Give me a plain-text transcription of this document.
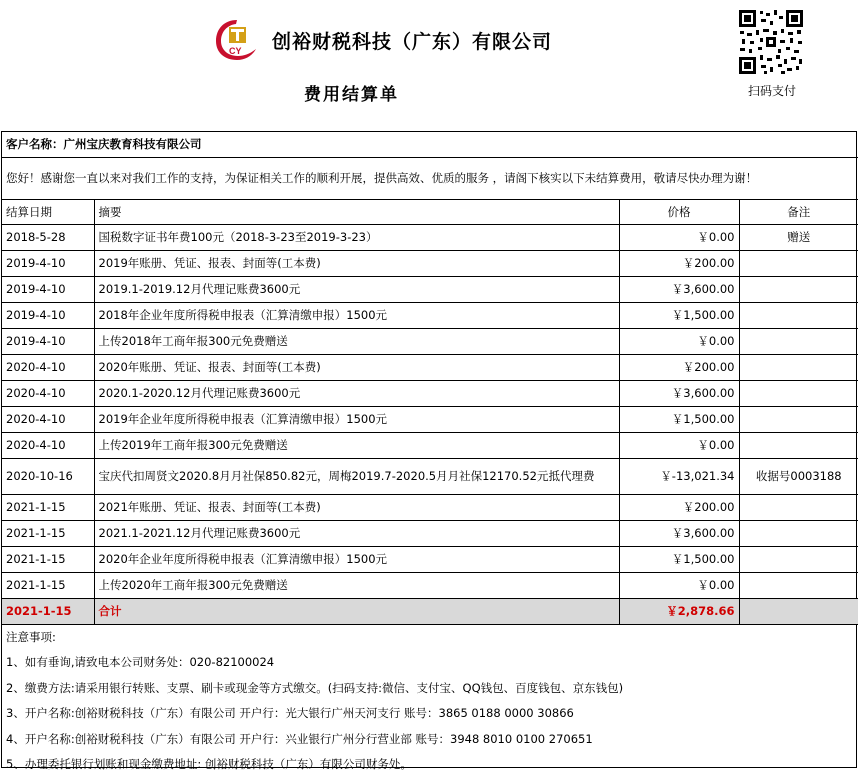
CY 创裕财税科技（广东）有限公司
费用结算单	扫码支付
客户名称：广州宝庆教育科技有限公司			
您好！感谢您一直以来对我们工作的支持，为保证相关工作的顺利开展，提供高效、优质的服务 ，请阁下核实以下未结算费用，敬请尽快办理为谢！			
结算日期	摘要	价格	备注
2018-5-28	国税数字证书年费100元（2018-3-23至2019-3-23）	￥0.00	赠送
2019-4-10	2019年账册、凭证、报表、封面等(工本费)	￥200.00	
2019-4-10	2019.1-2019.12月代理记账费3600元	￥3,600.00	
2019-4-10	2018年企业年度所得税申报表（汇算清缴申报）1500元	￥1,500.00	
2019-4-10	上传2018年工商年报300元免费赠送	￥0.00	
2020-4-10	2020年账册、凭证、报表、封面等(工本费)	￥200.00	
2020-4-10	2020.1-2020.12月代理记账费3600元	￥3,600.00	
2020-4-10	2019年企业年度所得税申报表（汇算清缴申报）1500元	￥1,500.00	
2020-4-10	上传2019年工商年报300元免费赠送	￥0.00	
2020-10-16	宝庆代扣周贤文2020.8月月社保850.82元，周梅2019.7-2020.5月月社保12170.52元抵代理费	￥-13,021.34	收据号0003188
2021-1-15	2021年账册、凭证、报表、封面等(工本费)	￥200.00	
2021-1-15	2021.1-2021.12月代理记账费3600元	￥3,600.00	
2021-1-15	2020年企业年度所得税申报表（汇算清缴申报）1500元	￥1,500.00	
2021-1-15	上传2020年工商年报300元免费赠送	￥0.00	
2021-1-15	合计	￥2,878.66	
注意事项:
1、如有垂询,请致电本公司财务处：020-82100024
2、缴费方法:请采用银行转账、支票、刷卡或现金等方式缴交。(扫码支持:微信、支付宝、QQ钱包、百度钱包、京东钱包)
3、开户名称:创裕财税科技（广东）有限公司 开户行：光大银行广州天河支行 账号：3865 0188 0000 30866
4、开户名称:创裕财税科技（广东）有限公司 开户行：兴业银行广州分行营业部 账号：3948 8010 0100 270651
5、办理委托银行划账和现金缴费地址: 创裕财税科技（广东）有限公司财务处。
